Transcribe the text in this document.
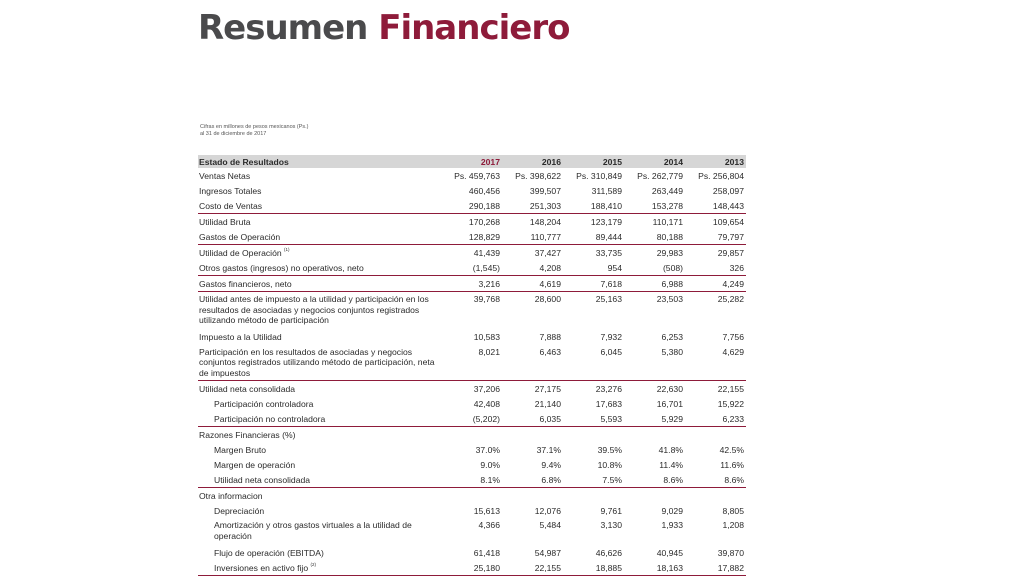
Resumen Financiero
Cifras en millones de pesos mexicanos (Ps.)
al 31 de diciembre de 2017
Estado de Resultados	2017	2016	2015	2014	2013
Ventas Netas	Ps. 459,763	Ps. 398,622	Ps. 310,849	Ps. 262,779	Ps. 256,804
Ingresos Totales	460,456	399,507	311,589	263,449	258,097
Costo de Ventas	290,188	251,303	188,410	153,278	148,443
Utilidad Bruta	170,268	148,204	123,179	110,171	109,654
Gastos de Operación	128,829	110,777	89,444	80,188	79,797
Utilidad de Operación $^{(1)}$	41,439	37,427	33,735	29,983	29,857
Otros gastos (ingresos) no operativos, neto	(1,545)	4,208	954	(508)	326
Gastos financieros, neto	3,216	4,619	7,618	6,988	4,249
Utilidad antes de impuesto a la utilidad y participación en los resultados de asociadas y negocios conjuntos registrados utilizando método de participación	39,768	28,600	25,163	23,503	25,282
Impuesto a la Utilidad	10,583	7,888	7,932	6,253	7,756
Participación en los resultados de asociadas y negocios conjuntos registrados utilizando método de participación, neta de impuestos	8,021	6,463	6,045	5,380	4,629
Utilidad neta consolidada	37,206	27,175	23,276	22,630	22,155
Participación controladora	42,408	21,140	17,683	16,701	15,922
Participación no controladora	(5,202)	6,035	5,593	5,929	6,233
Razones Financieras (%)					
Margen Bruto	37.0%	37.1%	39.5%	41.8%	42.5%
Margen de operación	9.0%	9.4%	10.8%	11.4%	11.6%
Utilidad neta consolidada	8.1%	6.8%	7.5%	8.6%	8.6%
Otra informacion					
Depreciación	15,613	12,076	9,761	9,029	8,805
Amortización y otros gastos virtuales a la utilidad de operación	4,366	5,484	3,130	1,933	1,208
Flujo de operación (EBITDA)	61,418	54,987	46,626	40,945	39,870
Inversiones en activo fijo $^{(2)}$	25,180	22,155	18,885	18,163	17,882
